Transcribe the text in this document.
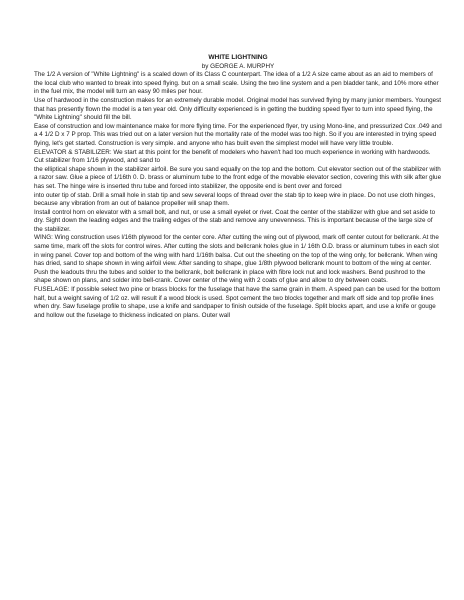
WHITE LIGHTNING

by GEORGE A. MURPHY

The 1/2 A version of "White Lightning" is a scaled down of its Class C counterpart. The idea of a 1/2 A size came about as an aid to members of the local club who wanted to break into speed flying. but on a small scale. Using the two line system and a pen bladder tank, and 10% more ether in the fuel mix, the model will turn an easy 90 miles per hour.

Use of hardwood in the construction makes for an extremely durable model. Original model has survived flying by many junior members. Youngest that has presently flown the model is a ten year old. Only difficulty experienced is in getting the budding speed flyer to turn into speed flying, the "White Lightning" should fill the bill.

Ease of construction and low maintenance make for more flying time. For the experienced flyer, try using Mono-line, and pressurized Cox .049 and a 4 1/2 D x 7 P prop. This was tried out on a later version hut the mortality rate of the model was too high. So if you are interested in trying speed flying, let's get started. Construction is very simple. and anyone who has built even the simplest model will have very little trouble.

ELEVATOR & STABILIZER: We start at this point for the benefit of modelers who haven't had too much experience in working with hardwoods. Cut stabilizer from 1/16 plywood, and sand to

the elliptical shape shown in the stabilizer airfoil. Be sure you sand equally on the top and the bottom. Cut elevator section out of the stabilizer with a razor saw. Glue a piece of 1/16th 0. D. brass or aluminum tube to the front edge of the movable elevator section, covering this with silk after glue has set. The hinge wire is inserted thru tube and forced into stabilizer, the opposite end is bent over and forced

into outer tip of stab. Drill a small hole in stab tip and sew several loops of thread over the stab tip to keep wire in place. Do not use cloth hinges, because any vibration from an out of balance propeller will snap them.

Install control horn on elevator with a small bolt, and nut, or use a small eyelet or rivet. Coat the center of the stabilizer with glue and set aside to dry. Sight down the leading edges and the trailing edges of the stab and remove any unevenness. This is important because of the large size of the stabilizer.

WING: Wing construction uses l/16th plywood for the center core. After cutting the wing out of plywood, mark off center cutout for bellcrank. At the same time, mark off the slots for control wires. After cutting the slots and bellcrank holes glue in 1/ 16th O.D. brass or aluminum tubes in each slot in wing panel. Cover top and bottom of the wing with hard 1/16th balsa. Cut out the sheeting on the top of the wing only, for bellcrank. When wing has dried, sand to shape shown in wing airfoil view. After sanding to shape, glue 1/8th plywood bellcrank mount to bottom of the wing at center. Push the leadouts thru the tubes and solder to the bellcrank, bolt bellcrank in place with fibre lock nut and lock washers. Bend pushrod to the shape shown on plans, and solder into bell-crank. Cover center of the wing with 2 coats of glue and allow to dry between coats.

FUSELAGE: If possible select two pine or brass blocks for the fuselage that have the same grain in them. A speed pan can be used for the bottom half, but a weight saving of 1/2 oz. will result if a wood block is used. Spot cement the two blocks together and mark off side and top profile lines when dry. Saw fuselage profile to shape, use a knife and sandpaper to finish outside of the fuselage. Split blocks apart, and use a knife or gouge and hollow out the fuselage to thickness indicated on plans. Outer wall
